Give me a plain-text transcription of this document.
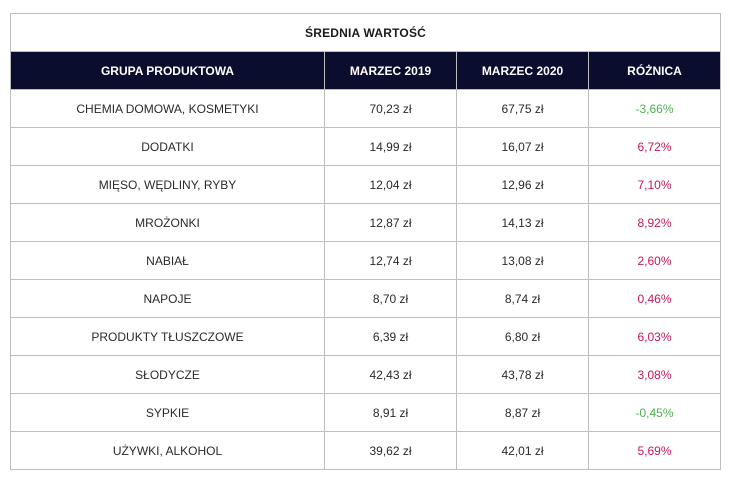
ŚREDNIA WARTOŚĆ			
GRUPA PRODUKTOWA	MARZEC 2019	MARZEC 2020	RÓŻNICA
CHEMIA DOMOWA, KOSMETYKI	70,23 zł	67,75 zł	-3,66%
DODATKI	14,99 zł	16,07 zł	6,72%
MIĘSO, WĘDLINY, RYBY	12,04 zł	12,96 zł	7,10%
MROŻONKI	12,87 zł	14,13 zł	8,92%
NABIAŁ	12,74 zł	13,08 zł	2,60%
NAPOJE	8,70 zł	8,74 zł	0,46%
PRODUKTY TŁUSZCZOWE	6,39 zł	6,80 zł	6,03%
SŁODYCZE	42,43 zł	43,78 zł	3,08%
SYPKIE	8,91 zł	8,87 zł	-0,45%
UŻYWKI, ALKOHOL	39,62 zł	42,01 zł	5,69%
